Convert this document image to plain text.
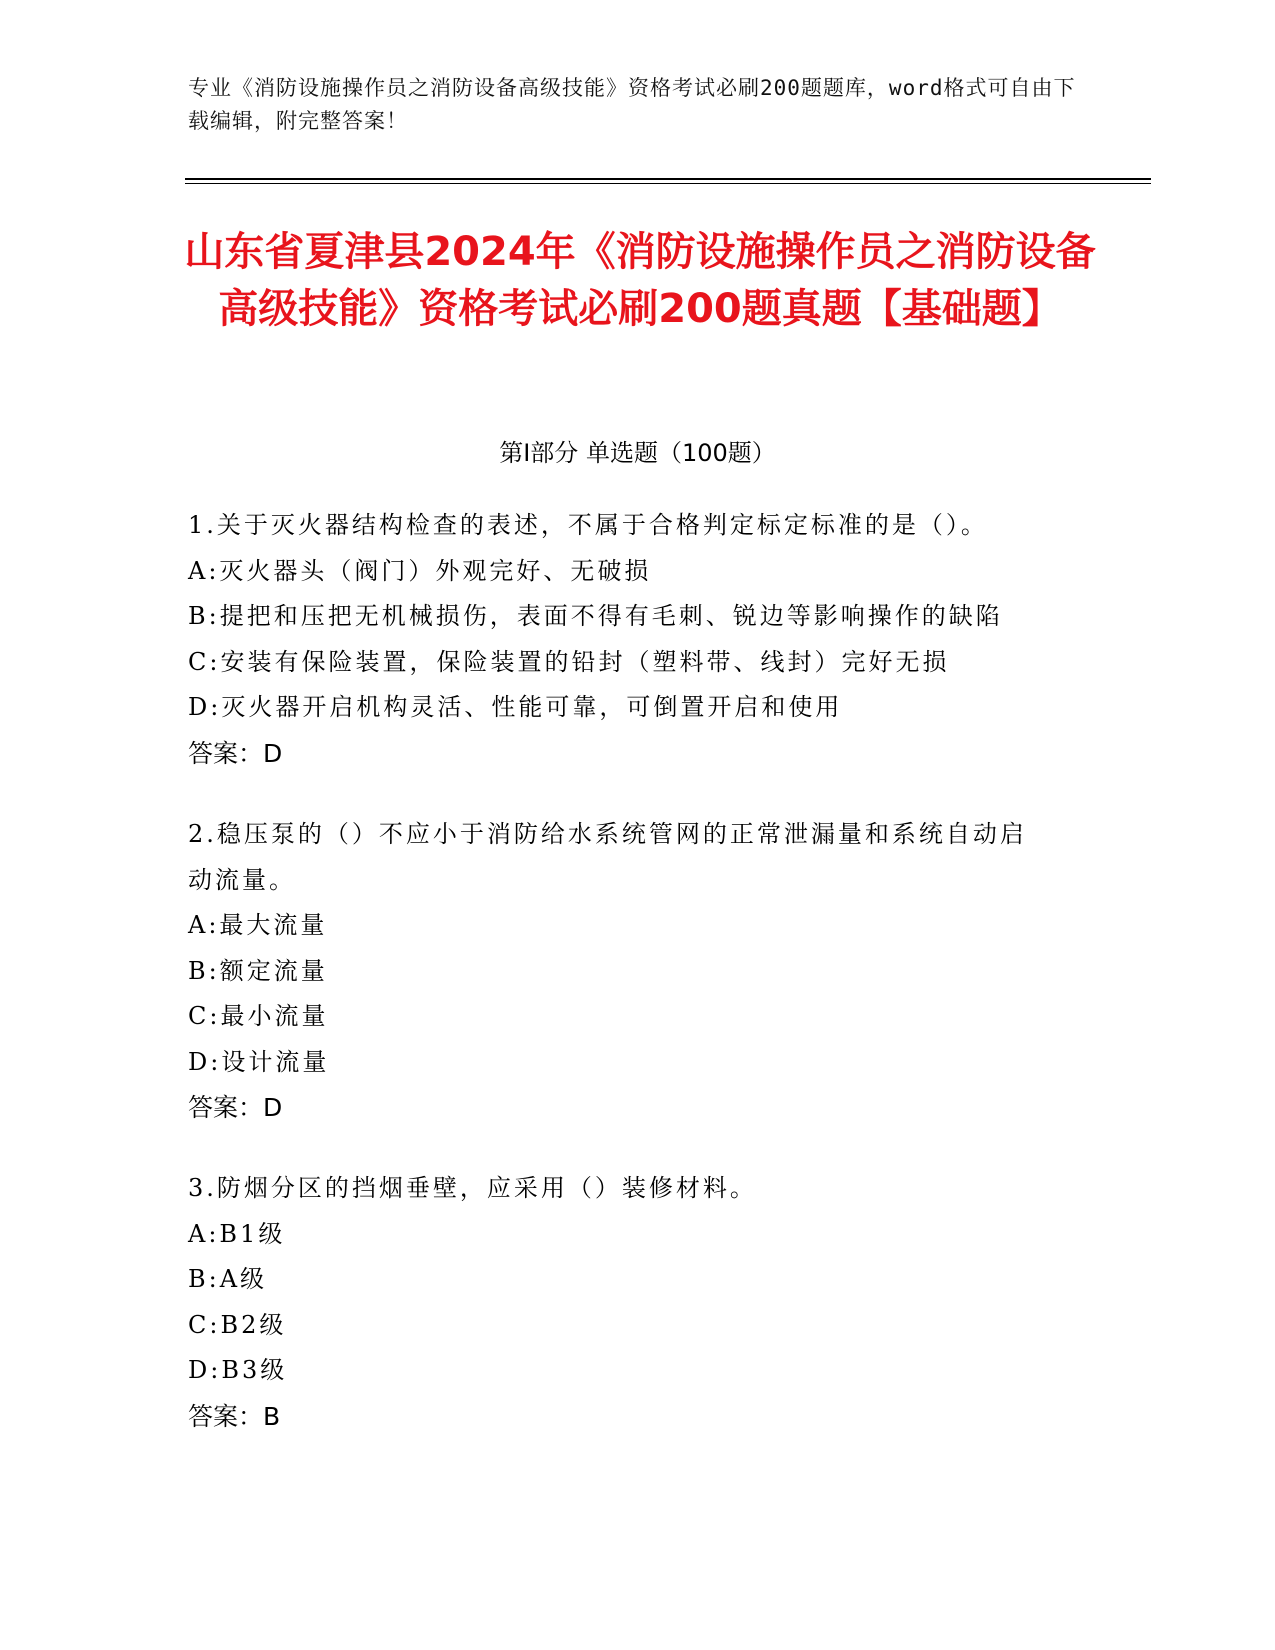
专业《消防设施操作员之消防设备高级技能》资格考试必刷200题题库，word格式可自由下载编辑，附完整答案！
山东省夏津县2024年《消防设施操作员之消防设备高级技能》资格考试必刷200题真题【基础题】
第Ⅰ部分 单选题（100题）
1.关于灭火器结构检查的表述，不属于合格判定标定标准的是（）。
A:灭火器头（阀门）外观完好、无破损
B:提把和压把无机械损伤，表面不得有毛刺、锐边等影响操作的缺陷
C:安装有保险装置，保险装置的铅封（塑料带、线封）完好无损
D:灭火器开启机构灵活、性能可靠，可倒置开启和使用
答案：D
2.稳压泵的（）不应小于消防给水系统管网的正常泄漏量和系统自动启动流量。
A:最大流量
B:额定流量
C:最小流量
D:设计流量
答案：D
3.防烟分区的挡烟垂壁，应采用（）装修材料。
A:B1级
B:A级
C:B2级
D:B3级
答案：B
